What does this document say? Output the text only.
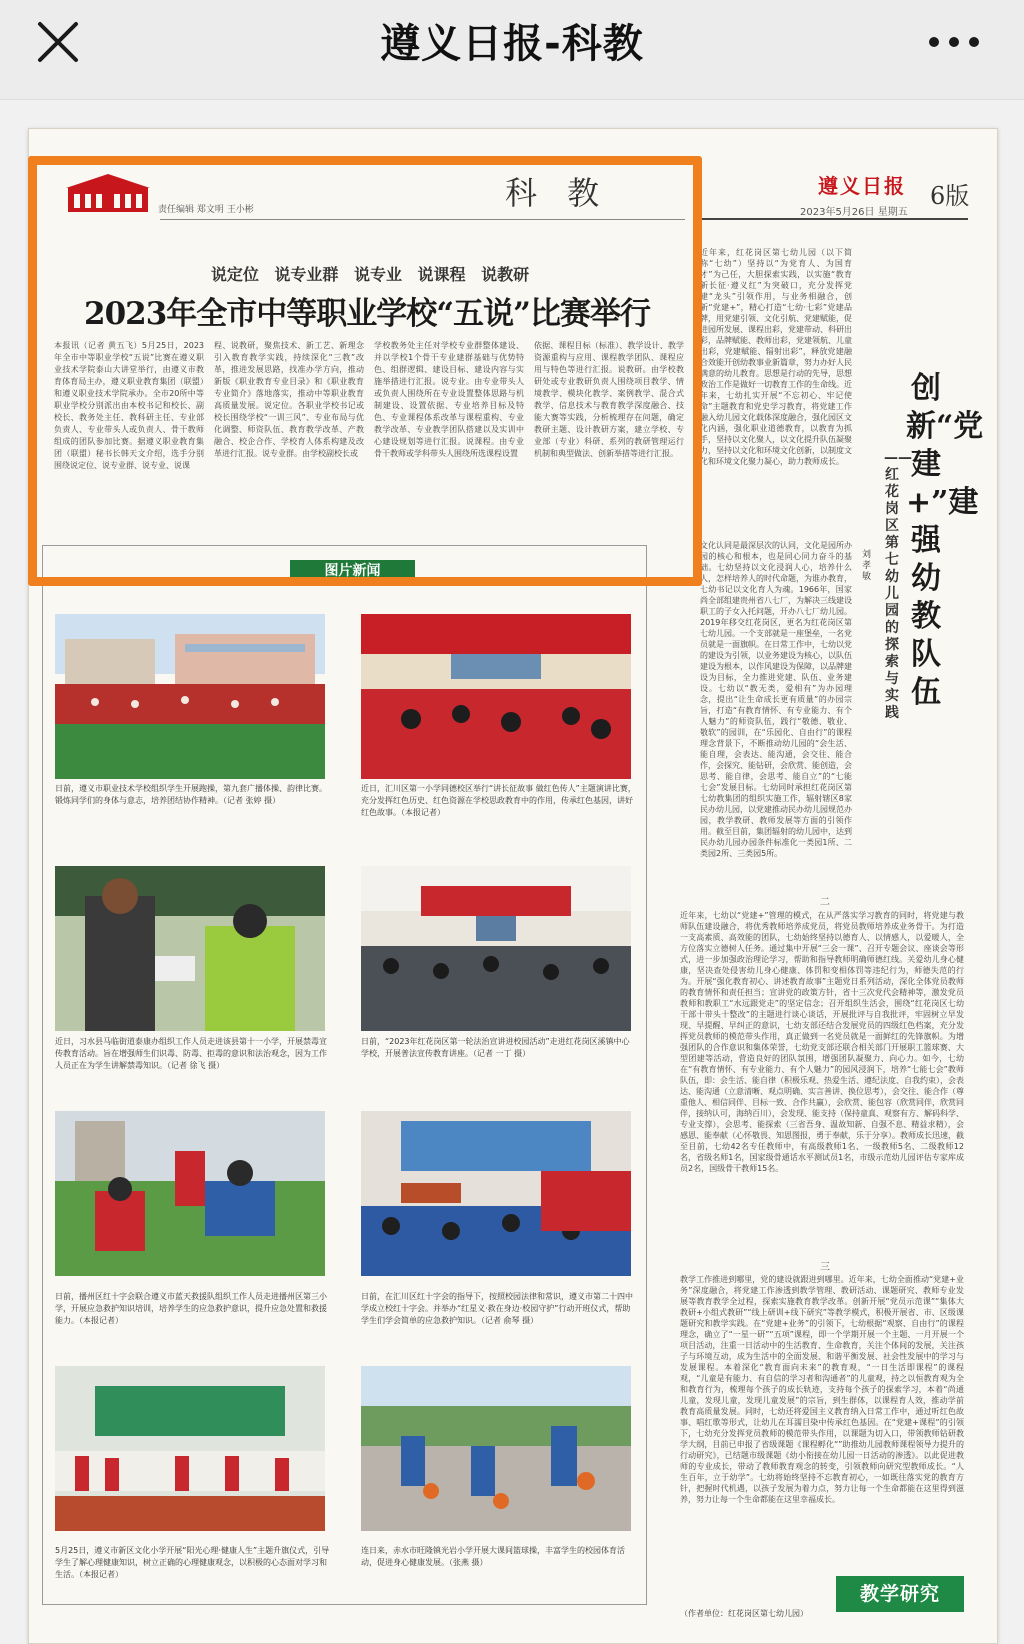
遵义日报-科教
遵义日报 6版
2023年5月26日 星期五
责任编辑 郑文明 王小彬	科 教
说定位 说专业群 说专业 说课程 说教研
2023年全市中等职业学校“五说”比赛举行
本报讯（记者 黄五飞）5月25日，2023年全市中等职业学校“五说”比赛在遵义职业技术学院泰山大讲堂举行，由遵义市教育体育局主办，遵义职业教育集团（联盟）和遵义职业技术学院承办。全市20所中等职业学校分别派出由本校书记和校长、副校长、教务处主任、教科研主任、专业部负责人、专业带头人或负责人、骨干教师组成的团队参加比赛。据遵义职业教育集团（联盟）秘书长韩天文介绍，选手分别围绕说定位、说专业群、说专业、说课
程、说教研，聚焦技术、新工艺、新理念引入教育教学实践，持续深化“三教”改革，推进发展思路，找准办学方向，推动新版《职业教育专业目录》和《职业教育专业简介》落地落实，推动中等职业教育高质量发展。说定位。各职业学校书记或校长围绕学校“一训三风”、专业布局与优化调整、师资队伍、教育教学改革、产教融合、校企合作、学校育人体系构建及改革进行汇报。说专业群。由学校副校长或
学校教务处主任对学校专业群整体建设、并以学校1个骨干专业建群基础与优势特色、组群逻辑、建设目标、建设内容与实施举措进行汇报。说专业。由专业带头人或负责人围绕所在专业设置整体思路与机制建设、设置依据、专业培养目标及特色、专业课程体系改革与课程重构、专业教学改革、专业教学团队搭建以及实训中心建设规划等进行汇报。说课程。由专业骨干教师或学科带头人围绕所选课程设置
依据、课程目标（标准）、教学设计、教学资源重构与应用、课程教学团队、课程应用与特色等进行汇报。说教研。由学校教研处或专业教研负责人围绕项目教学、情境教学、模块化教学、案例教学、混合式教学、信息技术与教育教学深度融合、技能大赛等实践，分析梳理存在问题，确定教研主题、设计教研方案，建立学校、专业部（专业）科研、系列的教研管理运行机制和典型做法、创新举措等进行汇报。
图片新闻
日前，遵义市职业技术学校组织学生开展跑操，第九套广播体操、韵律比赛。锻炼同学们的身体与意志，培养团结协作精神。（记者 张婷 摄）
近日，汇川区第一小学同德校区举行“讲长征故事 做红色传人”主题演讲比赛，充分发挥红色历史、红色资源在学校思政教育中的作用，传承红色基因，讲好红色故事。（本报记者）
近日，习水县马临街道泰康办组织工作人员走进该县第十一小学，开展禁毒宣传教育活动。旨在增强师生们识毒、防毒、拒毒的意识和法治观念，因为工作人员正在为学生讲解禁毒知识。（记者 徐飞 摄）
日前，“2023年红花岗区第一轮法治宣讲进校园活动”走进红花岗区溪镇中心学校，开展普法宣传教育讲座。（记者 一丁 摄）
日前，播州区红十字会联合遵义市蓝天救援队组织工作人员走进播州区第三小学，开展应急救护知识培训，培养学生的应急救护意识，提升应急处置和救援能力。（本报记者）
日前，在汇川区红十字会的指导下，按照校园法律和常识，遵义市第二十四中学成立校红十字会。并举办“红星义·救在身边·校园守护”行动开班仪式，帮助学生们学会简单的应急救护知识。（记者 俞琴 摄）
5月25日，遵义市新区文化小学开展“阳光心理·健康人生”主题升旗仪式，引导学生了解心理健康知识，树立正确的心理健康观念，以积极的心态面对学习和生活。（本报记者）
连日来，赤水市旺隆镇光岩小学开展大课间篮球操，丰富学生的校园体育活动，促进身心健康发展。（张燕 摄）
近年来，红花岗区第七幼儿园（以下简称“七幼”）坚持以“为党育人、为国育才”为己任，大胆探索实践，以实施“教育新长征·遵义红”为突破口，充分发挥党建“龙头”引领作用，与业务相融合，创新“党建+”，精心打造“七幼·七彩”党建品牌，用党建引领、文化引航、党建赋能，促进园所发展、课程出彩，党建带动、科研出彩，品牌赋能、教师出彩，党建领航、儿童出彩，党建赋能、辐射出彩”，释放党建融合效能开创幼教事业新篇章，努力办好人民满意的幼儿教育。思想是行动的先导，思想政治工作是做好一切教育工作的生命线。近年来，七幼扎实开展“不忘初心、牢记使命”主题教育和党史学习教育，将党建工作融入幼儿园文化载体深度融合，强化园区文化内涵，强化职业道德教育，以教育为抓手，坚持以文化聚人，以文化提升队伍凝聚力，坚持以文化和环境文化创新，以制度文化和环境文化聚力凝心，助力教师成长。
文化认同是最深层次的认同，文化是园所办园的核心和根本，也是同心同力奋斗的基础。七幼坚持以文化浸润人心，培养什么人，怎样培养人的时代命题，为谁办教育，七幼书记以文化育人为魂。1966年，国家尚全部组建贵州省八七厂，为解决三线建设职工的子女入托问题，开办八七厂幼儿园。2019年移交红花岗区，更名为红花岗区第七幼儿园。一个支部就是一座堡垒，一名党员就是一面旗帜。在日常工作中，七幼以党的建设为引领，以业务建设为核心，以队伍建设为根本，以作风建设为保障，以品牌建设为目标，全力推进党建、队伍、业务建设。七幼以“教无类，爱相有”为办园理念，提出“让生命成长更有质量”的办园宗旨，打造“有教育情怀、有专业能力、有个人魅力”的师资队伍，践行“敬德、敬业、敬软”的园训，在“乐园化、自由行”的课程理念背景下，不断推动幼儿园的“会生活、能自理，会表达、能沟通，会交往、能合作，会探究、能钻研，会欣赏、能创造，会思考、能自律，会思考、能自立”的“七能七会”发展目标。七幼同时承担红花岗区第七幼教集团的组织实施工作，辐射辖区8家民办幼儿园，以党建推动民办幼儿园规范办园，教学教研、教师发展等方面的引领作用。截至目前，集团辐射的幼儿园中，达到民办幼儿园办园条件标准化一类园1所、二类园2所、三类园5所。
创新“党建+”建强幼教队伍
——红花岗区第七幼儿园的探索与实践
刘孝敏
二
近年来，七幼以“党建+”管理的模式，在从严落实学习教育的同时，将党建与教师队伍建设融合，将优秀教师培养成党员，将党员教师培养成业务骨干。为打造一支高素质、高效能的团队，七幼始终坚持以德育人、以情感人，以爱暖人，全方位落实立德树人任务。通过集中开展“三会一课”、召开专题会议、座谈会等形式，进一步加强政治理论学习，帮助和指导教师明确师德红线。关爱幼儿身心健康，坚决查处侵害幼儿身心健康、体罚和变相体罚等违纪行为，师德失范的行为。开展“强化教育初心、讲述教育故事”主题党日系列活动，深化全体党员教师的教育情怀和责任担当；宣讲党的政策方针，省十三次党代会精神等，激发党员教师和教职工“水远跟党走”的坚定信念；召开组织生活会，围绕“红花岗区七幼干部十带头十整改”的主题进行谈心谈话，开展批评与自我批评，牢固树立早发现、早提醒、早纠正的意识，七幼支部还结合发展党员的四级红色档案，充分发挥党员教师的模范带头作用，真正做到一名党员就是一面鲜红的先锋旗帜。为增强团队的合作意识和集体荣誉，七幼党支部还联合相关部门开展职工篮球赛、大型团建等活动，营造良好的团队氛围，增强团队凝聚力、向心力。如今，七幼在“有教育情怀、有专业能力、有个人魅力”的园风浸润下，培养“七能七会”教师队伍，即：会生活、能自律（积极乐观、热爱生活、遵纪法度、自我约束），会表达、能沟通（立意清晰、观点明确、实言善讲、换位思考），会交往、能合作（尊重他人、相信同伴、目标一致、合作共赢），会欣赏、能包容（欣赏同伴，欣赏同伴，接纳认可，海纳百川），会发现、能支持（保持童真、观察有方、解码科学、专业支撑），会思考、能探索（三省吾身、温故知新、自强不息、精益求精），会感恩、能奉献（心怀敬畏、知恩图报，勇于奉献，乐于分享）。教师成长迅速，截至目前，七幼42名专任教师中，有高级教师1名、一级教师5名、二级教师12名，省级名师1名，国家级骨通话水平测试员1名，市级示范幼儿园评估专家库成员2名，国级骨干教师15名。
三
教学工作推进到哪里，党的建设就跟进到哪里。近年来，七幼全面推动“党建+业务”深度融合，将党建工作渗透到教学管理、教研活动、课题研究、教师专业发展等教育教学全过程，探索实施教育教学改革。创新开展“党员示范课”“集体大教研+小组式教研”“线上研训+线下研究”等教学模式，积极开展省、市、区级课题研究和教学实践。在“党建+业务”的引领下，七幼根据“观察、自由行”的课程理念，确立了“一星一研”“五项”课程，即一个学期开展一个主题、一月开展一个项目活动，注重一日活动中的生活教育、生命教育，关注个体间的发展，关注孩子与环境互动，成为生活中的全面发展、和谐平衡发展、社会性发展中的学习与发展课程。本着深化“教育面向未来”的教育观，“一日生活即课程”的课程观，“儿童是有能力、有自信的学习者和沟通者”的儿童观，持之以恒教育观为全和教育行为，梳理每个孩子的成长轨迹，支持每个孩子的探索学习，本着“尚通儿童，发现儿童，发现儿童发展”的宗旨，到生群体，以课程育人效，推动学前教育高质量发展。同时，七幼还将爱国主义教育纳入日常工作中，通过听红色故事、唱红歌等形式，让幼儿在耳濡目染中传承红色基因。在“党建+课程”的引领下，七幼充分发挥党员教师的模范带头作用，以课题为切入口，带领教师钻研教学大纲，目前已申报了省级课题《课程孵化“”助推幼儿园教师课程领导力提升的行动研究》，已结题市级课题《幼小衔接在幼儿园一日活动的渗透》。以此促进教师的专业成长，带动了教师教育观念的转变，引领教师向研究型教师成长。“人生百年，立于幼学”。七幼将始终坚持不忘教育初心，一如既往落实党的教育方针，把握时代机遇，以孩子发展为着力点，努力让每一个生命都能在这里得到滋养，努力让每一个生命都能在这里幸福成长。
（作者单位：红花岗区第七幼儿园）
教学研究
